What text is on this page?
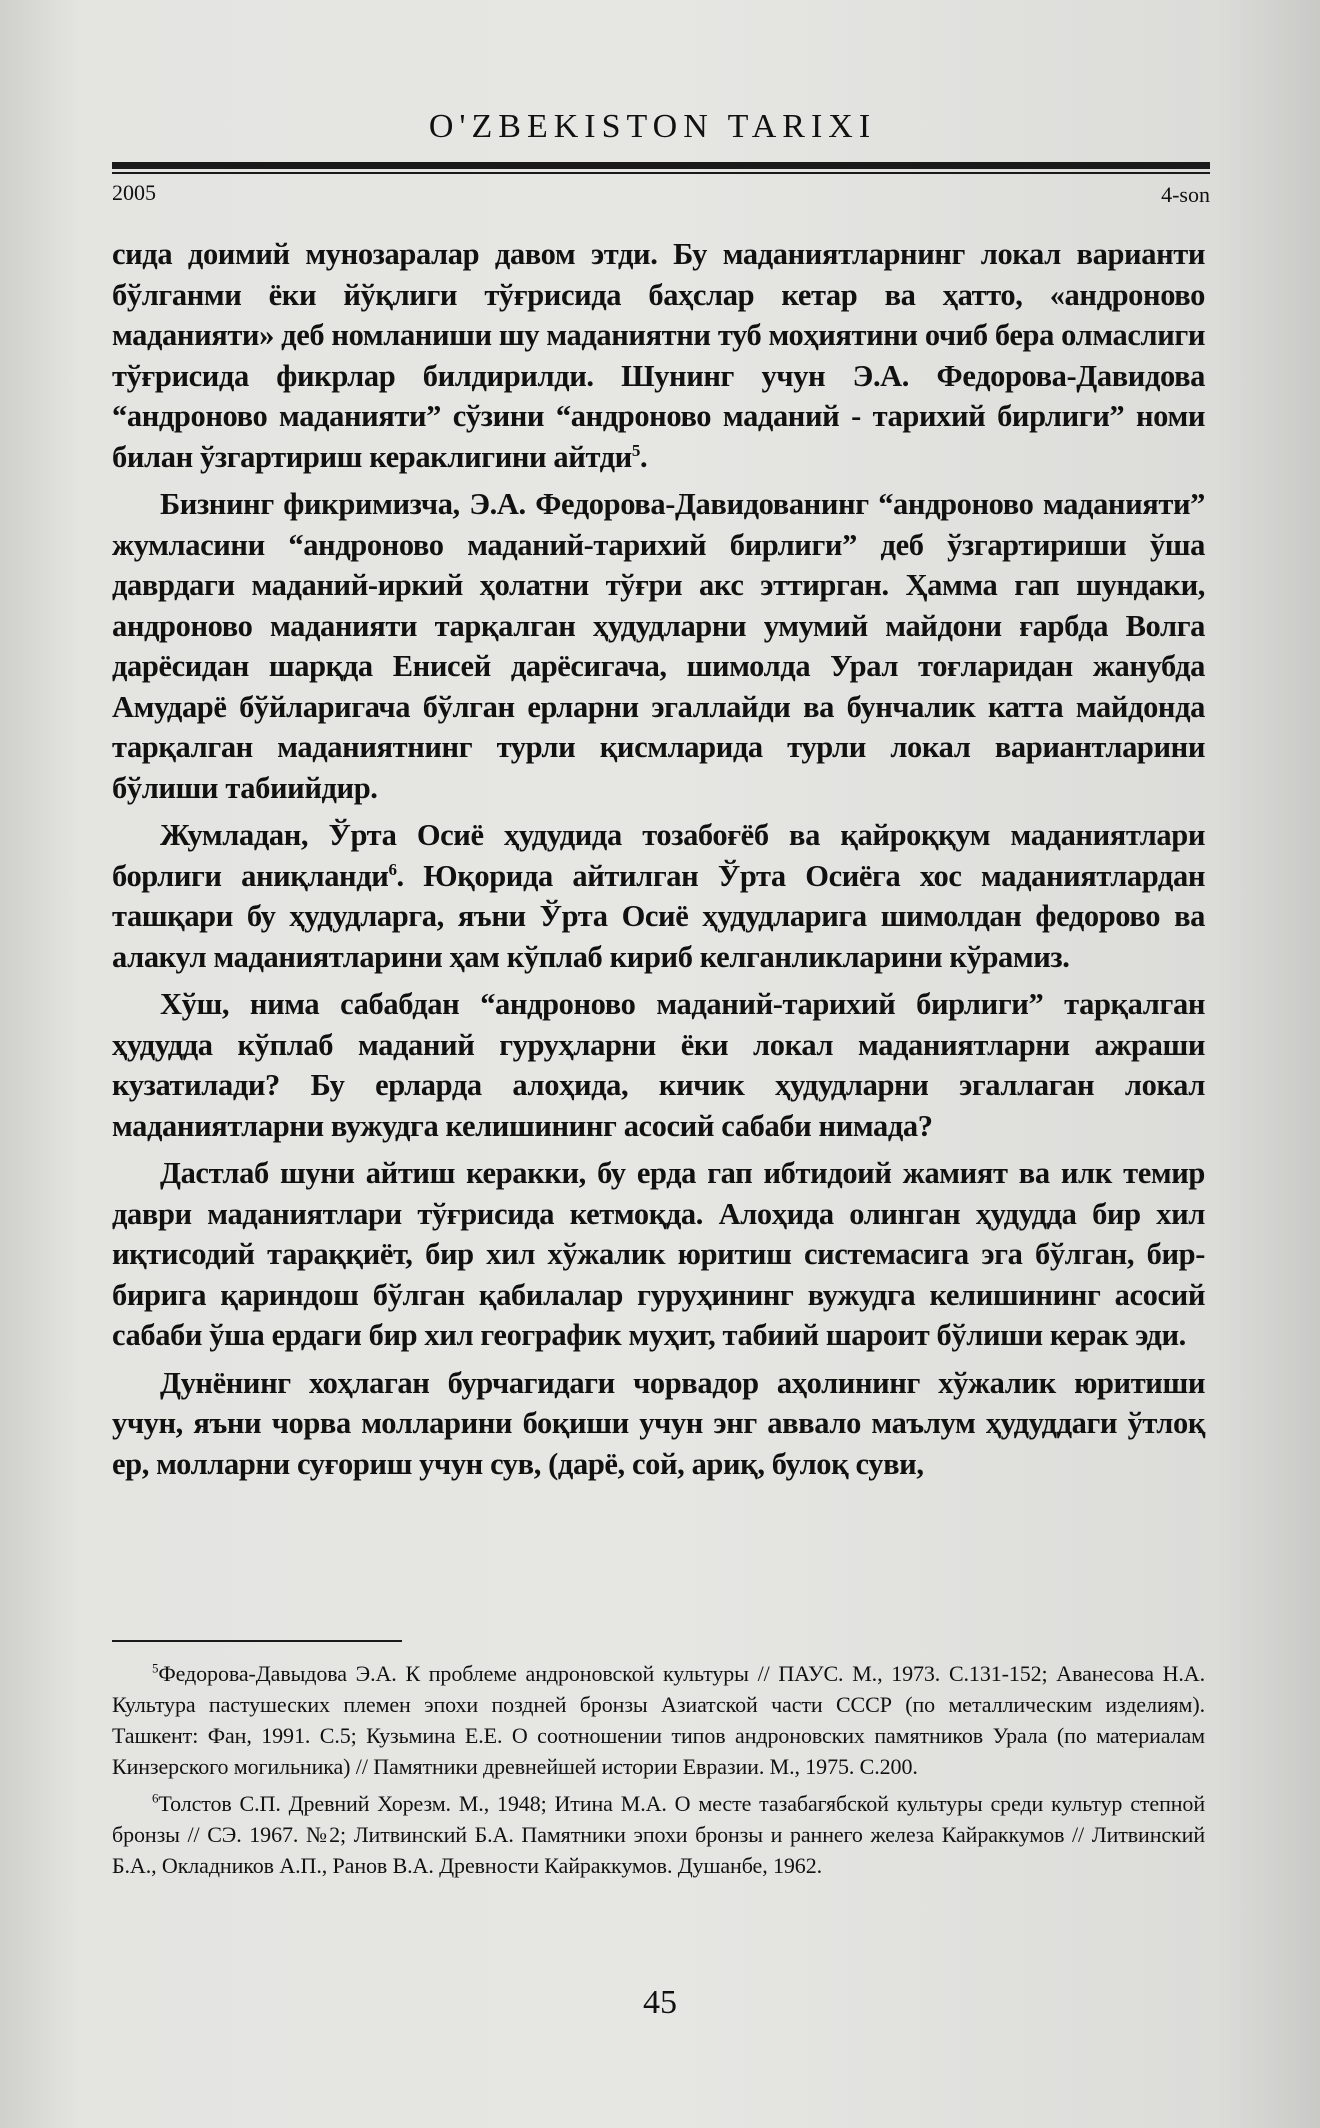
O'ZBEKISTON TARIXI
2005	4-son

сида доимий мунозаралар давом этди. Бу маданиятларнинг локал варианти бўлганми ёки йўқлиги тўғрисида баҳслар кетар ва ҳатто, «андроново маданияти» деб номланиши шу маданиятни туб моҳиятини очиб бера олмаслиги тўғрисида фикрлар билдирилди. Шунинг учун Э.А. Федорова-Давидова “андроново маданияти” сўзини “андроново маданий - тарихий бирлиги” номи билан ўзгартириш кераклигини айтди$^5$.

Бизнинг фикримизча, Э.А. Федорова-Давидованинг “андроново маданияти” жумласини “андроново маданий-тарихий бирлиги” деб ўзгартириши ўша даврдаги маданий-иркий ҳолатни тўғри акс эттирган. Ҳамма гап шундаки, андроново маданияти тарқалган ҳудудларни умумий майдони ғарбда Волга дарёсидан шарқда Енисей дарёсигача, шимолда Урал тоғларидан жанубда Амударё бўйларигача бўлган ерларни эгаллайди ва бунчалик катта майдонда тарқалган маданиятнинг турли қисмларида турли локал вариантларини бўлиши табиийдир.

Жумладан, Ўрта Осиё ҳудудида тозабоғёб ва қайроққум маданиятлари борлиги аниқланди$^6$. Юқорида айтилган Ўрта Осиёга хос маданиятлардан ташқари бу ҳудудларга, яъни Ўрта Осиё ҳудудларига шимолдан федорово ва алакул маданиятларини ҳам кўплаб кириб келганликларини кўрамиз.

Хўш, нима сабабдан “андроново маданий-тарихий бирлиги” тарқалган ҳудудда кўплаб маданий гуруҳларни ёки локал маданиятларни ажраши кузатилади? Бу ерларда алоҳида, кичик ҳудудларни эгаллаган локал маданиятларни вужудга келишининг асосий сабаби нимада?

Дастлаб шуни айтиш керакки, бу ерда гап ибтидоий жамият ва илк темир даври маданиятлари тўғрисида кетмоқда. Алоҳида олинган ҳудудда бир хил иқтисодий тараққиёт, бир хил хўжалик юритиш системасига эга бўлган, бир-бирига қариндош бўлган қабилалар гуруҳининг вужудга келишининг асосий сабаби ўша ердаги бир хил географик муҳит, табиий шароит бўлиши керак эди.

Дунёнинг хоҳлаган бурчагидаги чорвадор аҳолининг хўжалик юритиши учун, яъни чорва молларини боқиши учун энг аввало маълум ҳудуддаги ўтлоқ ер, молларни суғориш учун сув, (дарё, сой, ариқ, булоқ суви,

$^5$Федорова-Давыдова Э.А. К проблеме андроновской культуры // ПАУС. М., 1973. С.131-152; Аванесова Н.А. Культура пастушеских племен эпохи поздней бронзы Азиатской части СССР (по металлическим изделиям). Ташкент: Фан, 1991. С.5; Кузьмина Е.Е. О соотношении типов андроновских памятников Урала (по материалам Кинзерского могильника) // Памятники древнейшей истории Евразии. М., 1975. С.200.

$^6$Толстов С.П. Древний Хорезм. М., 1948; Итина М.А. О месте тазабагябской культуры среди культур степной бронзы // СЭ. 1967. №2; Литвинский Б.А. Памятники эпохи бронзы и раннего железа Кайраккумов // Литвинский Б.А., Окладников А.П., Ранов В.А. Древности Кайраккумов. Душанбе, 1962.

45
